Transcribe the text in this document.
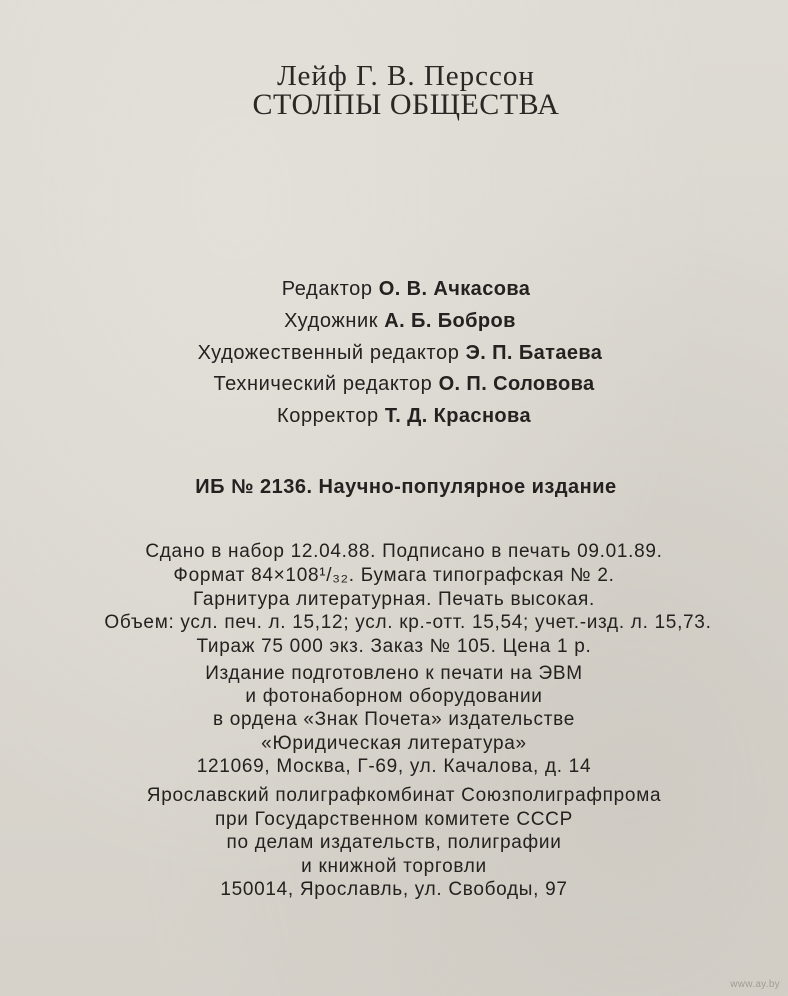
Лейф Г. В. Перссон
СТОЛПЫ ОБЩЕСТВА
Редактор О. В. Ачкасова
Художник А. Б. Бобров
Художественный редактор Э. П. Батаева
Технический редактор О. П. Соловова
Корректор Т. Д. Краснова
ИБ № 2136. Научно-популярное издание
Сдано в набор 12.04.88. Подписано в печать 09.01.89.
Формат 84×108¹/₃₂. Бумага типографская № 2.
Гарнитура литературная. Печать высокая.
Объем: усл. печ. л. 15,12; усл. кр.-отт. 15,54; учет.-изд. л. 15,73.
Тираж 75 000 экз. Заказ № 105. Цена 1 р.
Издание подготовлено к печати на ЭВМ
и фотонаборном оборудовании
в ордена «Знак Почета» издательстве
«Юридическая литература»
121069, Москва, Г-69, ул. Качалова, д. 14
Ярославский полиграфкомбинат Союзполиграфпрома
при Государственном комитете СССР
по делам издательств, полиграфии
и книжной торговли
150014, Ярославль, ул. Свободы, 97
www.ay.by
